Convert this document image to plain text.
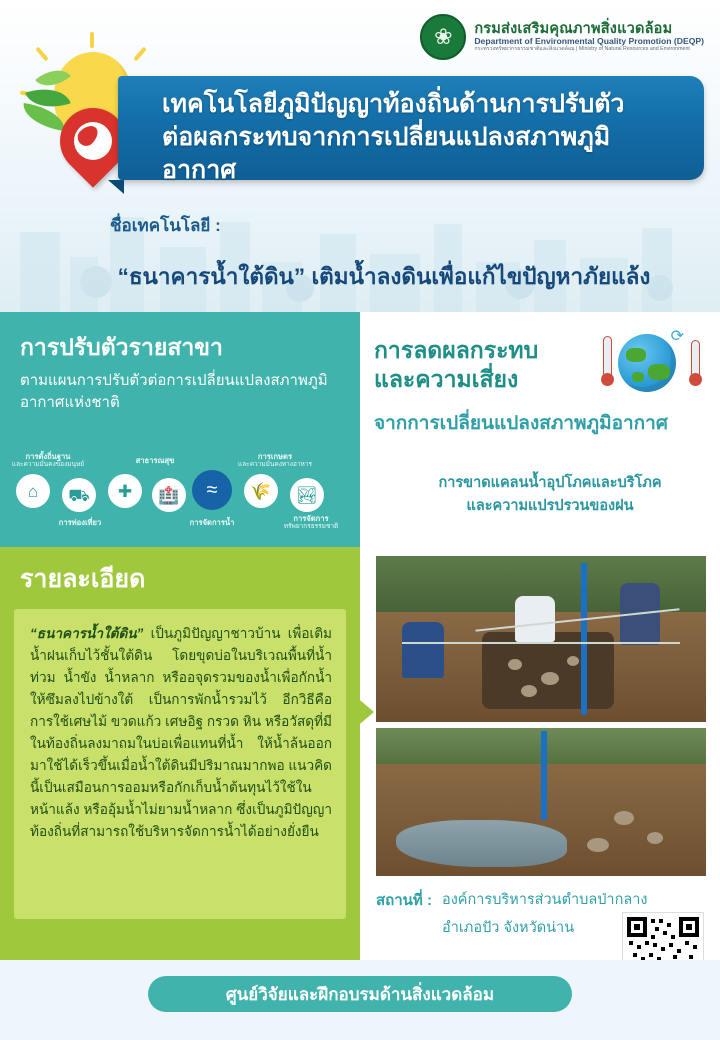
❀	กรมส่งเสริมคุณภาพสิ่งแวดล้อม
Department of Environmental Quality Promotion (DEQP)
กระทรวงทรัพยากรธรรมชาติและสิ่งแวดล้อม | Ministry of Natural Resources and Environment
เทคโนโลยีภูมิปัญญาท้องถิ่นด้านการปรับตัว
ต่อผลกระทบจากการเปลี่ยนแปลงสภาพภูมิอากาศ
ชื่อเทคโนโลยี :
“ธนาคารน้ำใต้ดิน” เติมน้ำลงดินเพื่อแก้ไขปัญหาภัยแล้ง
การปรับตัวรายสาขา

ตามแผนการปรับตัวต่อการเปลี่ยนแปลงสภาพภูมิอากาศแห่งชาติ

การตั้งถิ่นฐาน
และความมั่นคงของมนุษย์	สาธารณสุข	การเกษตร
และความมั่นคงทางอาหาร
⌂	⛟	✚	🏥	≈	🌾	🏞
การท่องเที่ยว	การจัดการน้ำ	การจัดการ
ทรัพยากรธรรมชาติ
การลดผลกระทบ
และความเสี่ยง
จากการเปลี่ยนแปลงสภาพภูมิอากาศ
⟳
การขาดแคลนน้ำอุปโภคและบริโภค
และความแปรปรวนของฝน
รายละเอียด

“ธนาคารน้ำใต้ดิน” เป็นภูมิปัญญาชาวบ้าน เพื่อเติมน้ำฝนเก็บไว้ชั้นใต้ดิน โดยขุดบ่อในบริเวณพื้นที่น้ำท่วม น้ำขัง น้ำหลาก หรืออจุดรวมของน้ำเพื่อกักน้ำให้ซึมลงไปข้างใต้ เป็นการพักน้ำรวมไว้ อีกวิธีคือ การใช้เศษไม้ ขวดแก้ว เศษอิฐ กรวด หิน หรือวัสดุที่มีในท้องถิ่นลงมาถมในบ่อเพื่อแทนที่น้ำ ให้น้ำล้นออกมาใช้ได้เร็วขึ้นเมื่อน้ำใต้ดินมีปริมาณมากพอ แนวคิดนี้เป็นเสมือนการออมหรือกักเก็บน้ำต้นทุนไว้ใช้ในหน้าแล้ง หรืออุ้มน้ำไม่ยามน้ำหลาก ซึ่งเป็นภูมิปัญญาท้องถิ่นที่สามารถใช้บริหารจัดการน้ำได้อย่างยั่งยืน

สถานที่ : องค์การบริหารส่วนตำบลป่ากลาง
อำเภอปัว จังหวัดน่าน
ศูนย์วิจัยและฝึกอบรมด้านสิ่งแวดล้อม
